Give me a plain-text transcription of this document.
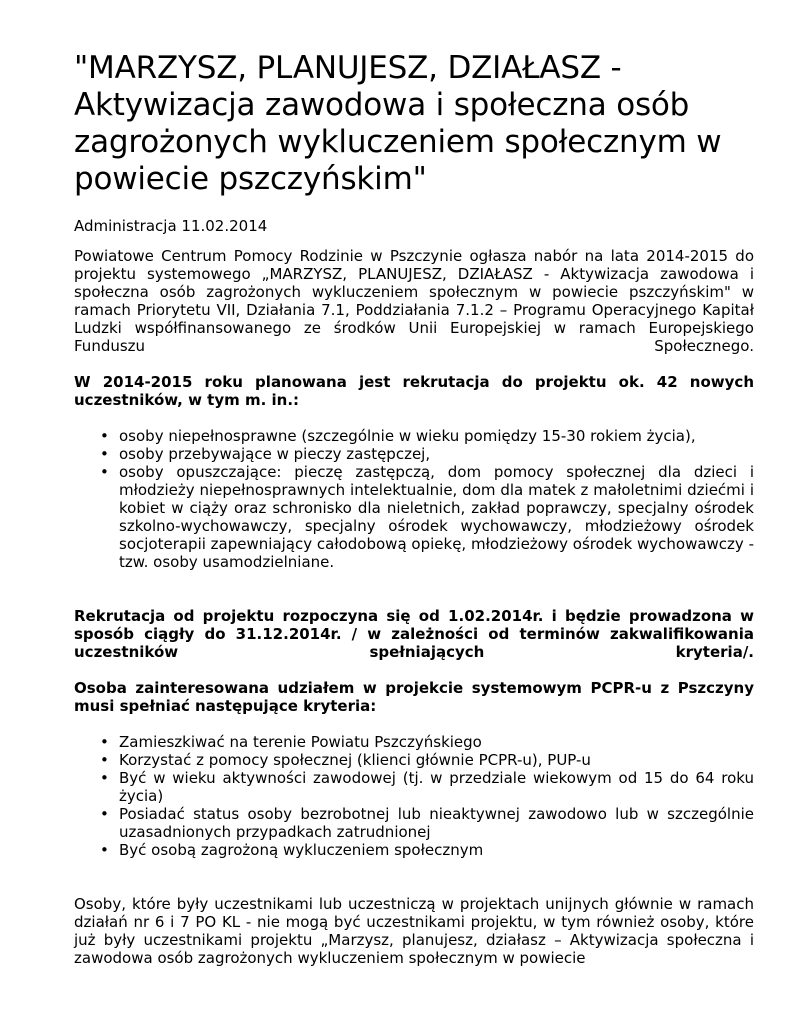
"MARZYSZ, PLANUJESZ, DZIAŁASZ - Aktywizacja zawodowa i społeczna osób zagrożonych wykluczeniem społecznym w powiecie pszczyńskim"
Administracja 11.02.2014

Powiatowe Centrum Pomocy Rodzinie w Pszczynie ogłasza nabór na lata 2014-2015 do projektu systemowego „MARZYSZ, PLANUJESZ, DZIAŁASZ - Aktywizacja zawodowa i społeczna osób zagrożonych wykluczeniem społecznym w powiecie pszczyńskim" w ramach Priorytetu VII, Działania 7.1, Poddziałania 7.1.2 – Programu Operacyjnego Kapitał Ludzki współfinansowanego ze środków Unii Europejskiej w ramach Europejskiego Funduszu Społecznego.

W 2014-2015 roku planowana jest rekrutacja do projektu ok. 42 nowych uczestników, w tym m. in.:

• osoby niepełnosprawne (szczególnie w wieku pomiędzy 15-30 rokiem życia),
• osoby przebywające w pieczy zastępczej,
• osoby opuszczające: pieczę zastępczą, dom pomocy społecznej dla dzieci i młodzieży niepełnosprawnych intelektualnie, dom dla matek z małoletnimi dziećmi i kobiet w ciąży oraz schronisko dla nieletnich, zakład poprawczy, specjalny ośrodek szkolno-wychowawczy, specjalny ośrodek wychowawczy, młodzieżowy ośrodek socjoterapii zapewniający całodobową opiekę, młodzieżowy ośrodek wychowawczy - tzw. osoby usamodzielniane.

Rekrutacja od projektu rozpoczyna się od 1.02.2014r. i będzie prowadzona w sposób ciągły do 31.12.2014r. / w zależności od terminów zakwalifikowania uczestników spełniających kryteria/.

Osoba zainteresowana udziałem w projekcie systemowym PCPR-u z Pszczyny musi spełniać następujące kryteria:

• Zamieszkiwać na terenie Powiatu Pszczyńskiego
• Korzystać z pomocy społecznej (klienci głównie PCPR-u), PUP-u
• Być w wieku aktywności zawodowej (tj. w przedziale wiekowym od 15 do 64 roku życia)
• Posiadać status osoby bezrobotnej lub nieaktywnej zawodowo lub w szczególnie uzasadnionych przypadkach zatrudnionej
• Być osobą zagrożoną wykluczeniem społecznym

Osoby, które były uczestnikami lub uczestniczą w projektach unijnych głównie w ramach działań nr 6 i 7 PO KL - nie mogą być uczestnikami projektu, w tym również osoby, które już były uczestnikami projektu „Marzysz, planujesz, działasz – Aktywizacja społeczna i zawodowa osób zagrożonych wykluczeniem społecznym w powiecie
